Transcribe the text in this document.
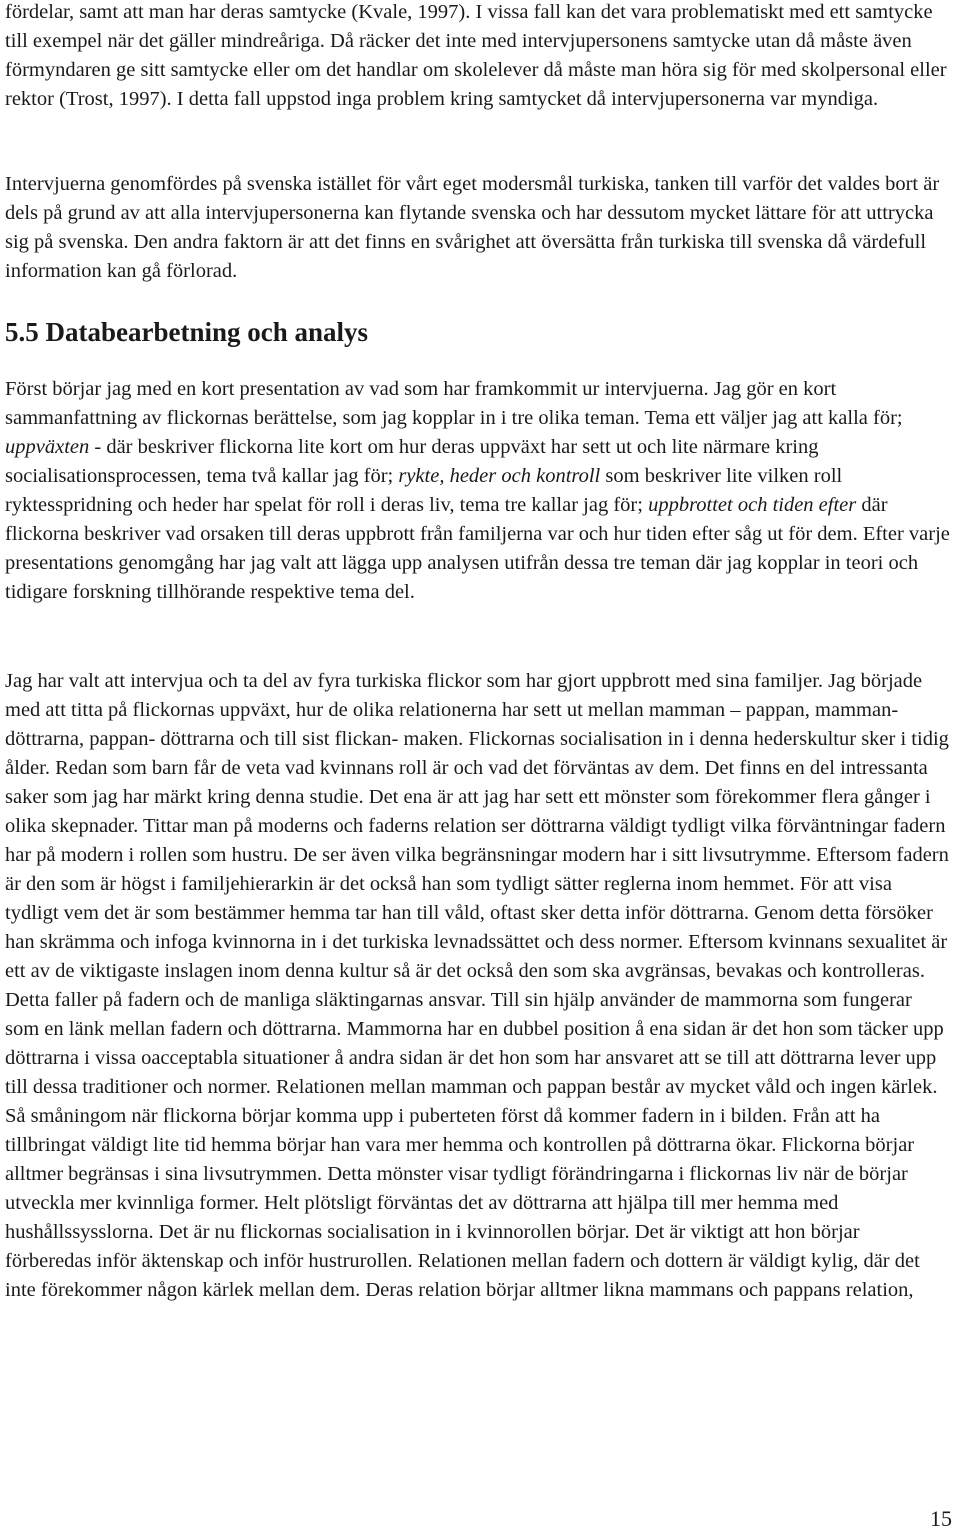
fördelar, samt att man har deras samtycke (Kvale, 1997). I vissa fall kan det vara problematiskt med ett samtycke till exempel när det gäller mindreåriga. Då räcker det inte med intervjupersonens samtycke utan då måste även förmyndaren ge sitt samtycke eller om det handlar om skolelever då måste man höra sig för med skolpersonal eller rektor (Trost, 1997). I detta fall uppstod inga problem kring samtycket då intervjupersonerna var myndiga.

Intervjuerna genomfördes på svenska istället för vårt eget modersmål turkiska, tanken till varför det valdes bort är dels på grund av att alla intervjupersonerna kan flytande svenska och har dessutom mycket lättare för att uttrycka sig på svenska. Den andra faktorn är att det finns en svårighet att översätta från turkiska till svenska då värdefull information kan gå förlorad.

5.5 Databearbetning och analys

Först börjar jag med en kort presentation av vad som har framkommit ur intervjuerna. Jag gör en kort sammanfattning av flickornas berättelse, som jag kopplar in i tre olika teman. Tema ett väljer jag att kalla för; uppväxten - där beskriver flickorna lite kort om hur deras uppväxt har sett ut och lite närmare kring socialisationsprocessen, tema två kallar jag för; rykte, heder och kontroll som beskriver lite vilken roll ryktesspridning och heder har spelat för roll i deras liv, tema tre kallar jag för; uppbrottet och tiden efter där flickorna beskriver vad orsaken till deras uppbrott från familjerna var och hur tiden efter såg ut för dem. Efter varje presentations genomgång har jag valt att lägga upp analysen utifrån dessa tre teman där jag kopplar in teori och tidigare forskning tillhörande respektive tema del.

Jag har valt att intervjua och ta del av fyra turkiska flickor som har gjort uppbrott med sina familjer. Jag började med att titta på flickornas uppväxt, hur de olika relationerna har sett ut mellan mamman – pappan, mamman- döttrarna, pappan- döttrarna och till sist flickan- maken. Flickornas socialisation in i denna hederskultur sker i tidig ålder. Redan som barn får de veta vad kvinnans roll är och vad det förväntas av dem. Det finns en del intressanta saker som jag har märkt kring denna studie. Det ena är att jag har sett ett mönster som förekommer flera gånger i olika skepnader. Tittar man på moderns och faderns relation ser döttrarna väldigt tydligt vilka förväntningar fadern har på modern i rollen som hustru. De ser även vilka begränsningar modern har i sitt livsutrymme. Eftersom fadern är den som är högst i familjehierarkin är det också han som tydligt sätter reglerna inom hemmet. För att visa tydligt vem det är som bestämmer hemma tar han till våld, oftast sker detta inför döttrarna. Genom detta försöker han skrämma och infoga kvinnorna in i det turkiska levnadssättet och dess normer. Eftersom kvinnans sexualitet är ett av de viktigaste inslagen inom denna kultur så är det också den som ska avgränsas, bevakas och kontrolleras. Detta faller på fadern och de manliga släktingarnas ansvar. Till sin hjälp använder de mammorna som fungerar som en länk mellan fadern och döttrarna. Mammorna har en dubbel position å ena sidan är det hon som täcker upp döttrarna i vissa oacceptabla situationer å andra sidan är det hon som har ansvaret att se till att döttrarna lever upp till dessa traditioner och normer. Relationen mellan mamman och pappan består av mycket våld och ingen kärlek. Så småningom när flickorna börjar komma upp i puberteten först då kommer fadern in i bilden. Från att ha tillbringat väldigt lite tid hemma börjar han vara mer hemma och kontrollen på döttrarna ökar. Flickorna börjar alltmer begränsas i sina livsutrymmen. Detta mönster visar tydligt förändringarna i flickornas liv när de börjar utveckla mer kvinnliga former. Helt plötsligt förväntas det av döttrarna att hjälpa till mer hemma med hushållssysslorna. Det är nu flickornas socialisation in i kvinnorollen börjar. Det är viktigt att hon börjar förberedas inför äktenskap och inför hustrurollen. Relationen mellan fadern och dottern är väldigt kylig, där det inte förekommer någon kärlek mellan dem. Deras relation börjar alltmer likna mammans och pappans relation,

15
